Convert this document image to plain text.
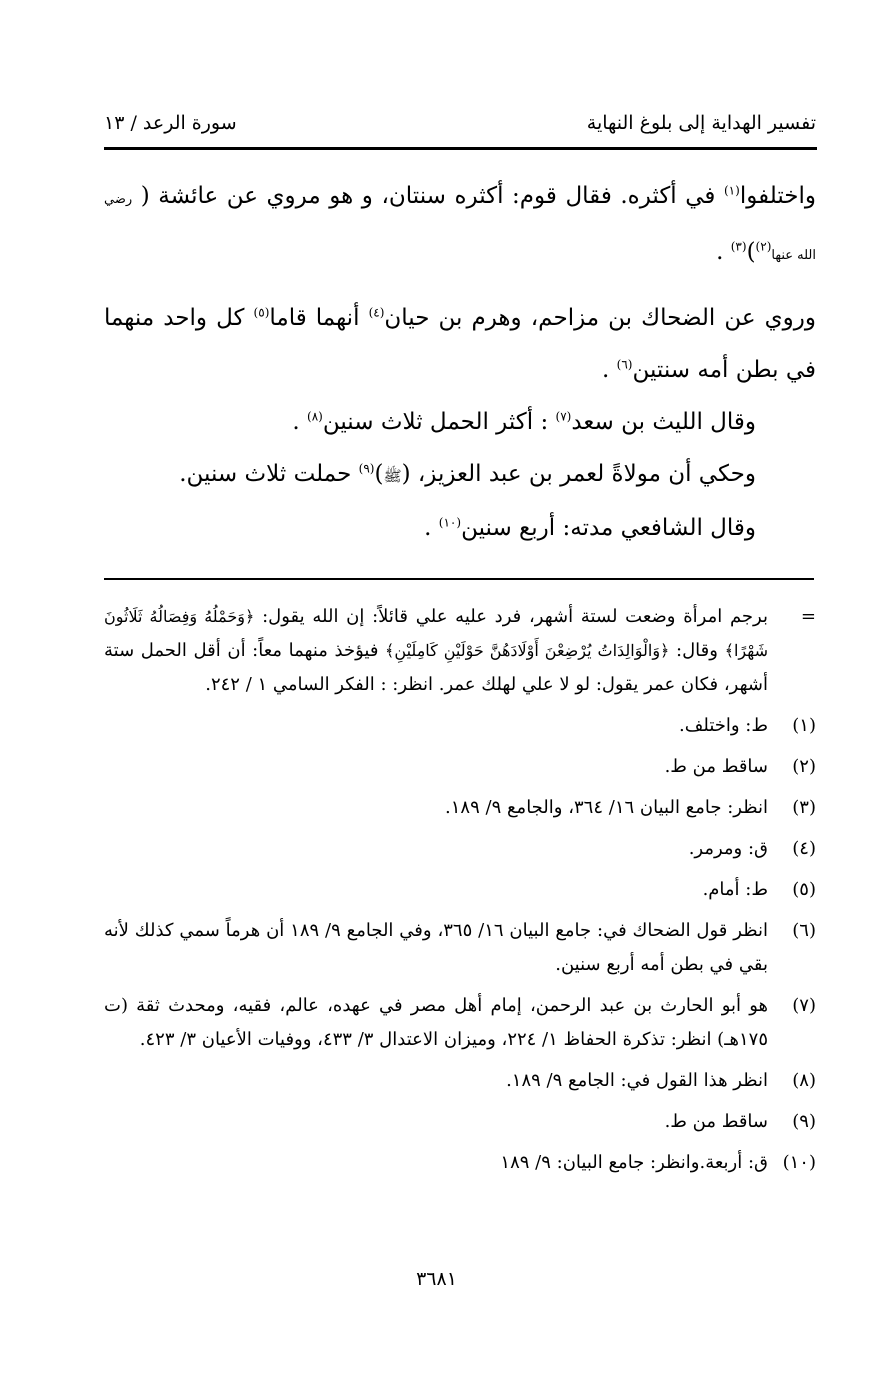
تفسير الهداية إلى بلوغ النهاية
سورة الرعد / ١٣

واختلفوا$^{(١)}$ في أكثره. فقال قوم: أكثره سنتان، و هو مروي عن عائشة ( رضي الله عنها$^{(٢)}$)$^{(٣)}$ .

وروي عن الضحاك بن مزاحم، وهرم بن حيان$^{(٤)}$ أنهما قاما$^{(٥)}$ كل واحد منهما في بطن أمه سنتين$^{(٦)}$ .

وقال الليث بن سعد$^{(٧)}$ : أكثر الحمل ثلاث سنين$^{(٨)}$ .

وحكي أن مولاةً لعمر بن عبد العزيز، (ﷺ)$^{(٩)}$ حملت ثلاث سنين.

وقال الشافعي مدته: أربع سنين$^{(١٠)}$ .

=
برجم امرأة وضعت لستة أشهر، فرد عليه علي قائلاً: إن الله يقول: ﴿وَحَمْلُهُ وَفِصَالُهُ ثَلَاثُونَ شَهْرًا﴾ وقال: ﴿وَالْوَالِدَاتُ يُرْضِعْنَ أَوْلَادَهُنَّ حَوْلَيْنِ كَامِلَيْنِ﴾ فيؤخذ منهما معاً: أن أقل الحمل ستة أشهر، فكان عمر يقول: لو لا علي لهلك عمر. انظر: : الفكر السامي ١ / ٢٤٢.
(١)
ط: واختلف.
(٢)
ساقط من ط.
(٣)
انظر: جامع البيان ١٦/ ٣٦٤، والجامع ٩/ ١٨٩.
(٤)
ق: ومرمر.
(٥)
ط: أمام.
(٦)
انظر قول الضحاك في: جامع البيان ١٦/ ٣٦٥، وفي الجامع ٩/ ١٨٩ أن هرماً سمي كذلك لأنه بقي في بطن أمه أربع سنين.
(٧)
هو أبو الحارث بن عبد الرحمن، إمام أهل مصر في عهده، عالم، فقيه، ومحدث ثقة (ت ١٧٥هـ) انظر: تذكرة الحفاظ ١/ ٢٢٤، وميزان الاعتدال ٣/ ٤٣٣، ووفيات الأعيان ٣/ ٤٢٣.
(٨)
انظر هذا القول في: الجامع ٩/ ١٨٩.
(٩)
ساقط من ط.
(١٠)
ق: أربعة.وانظر: جامع البيان: ٩/ ١٨٩
٣٦٨١
